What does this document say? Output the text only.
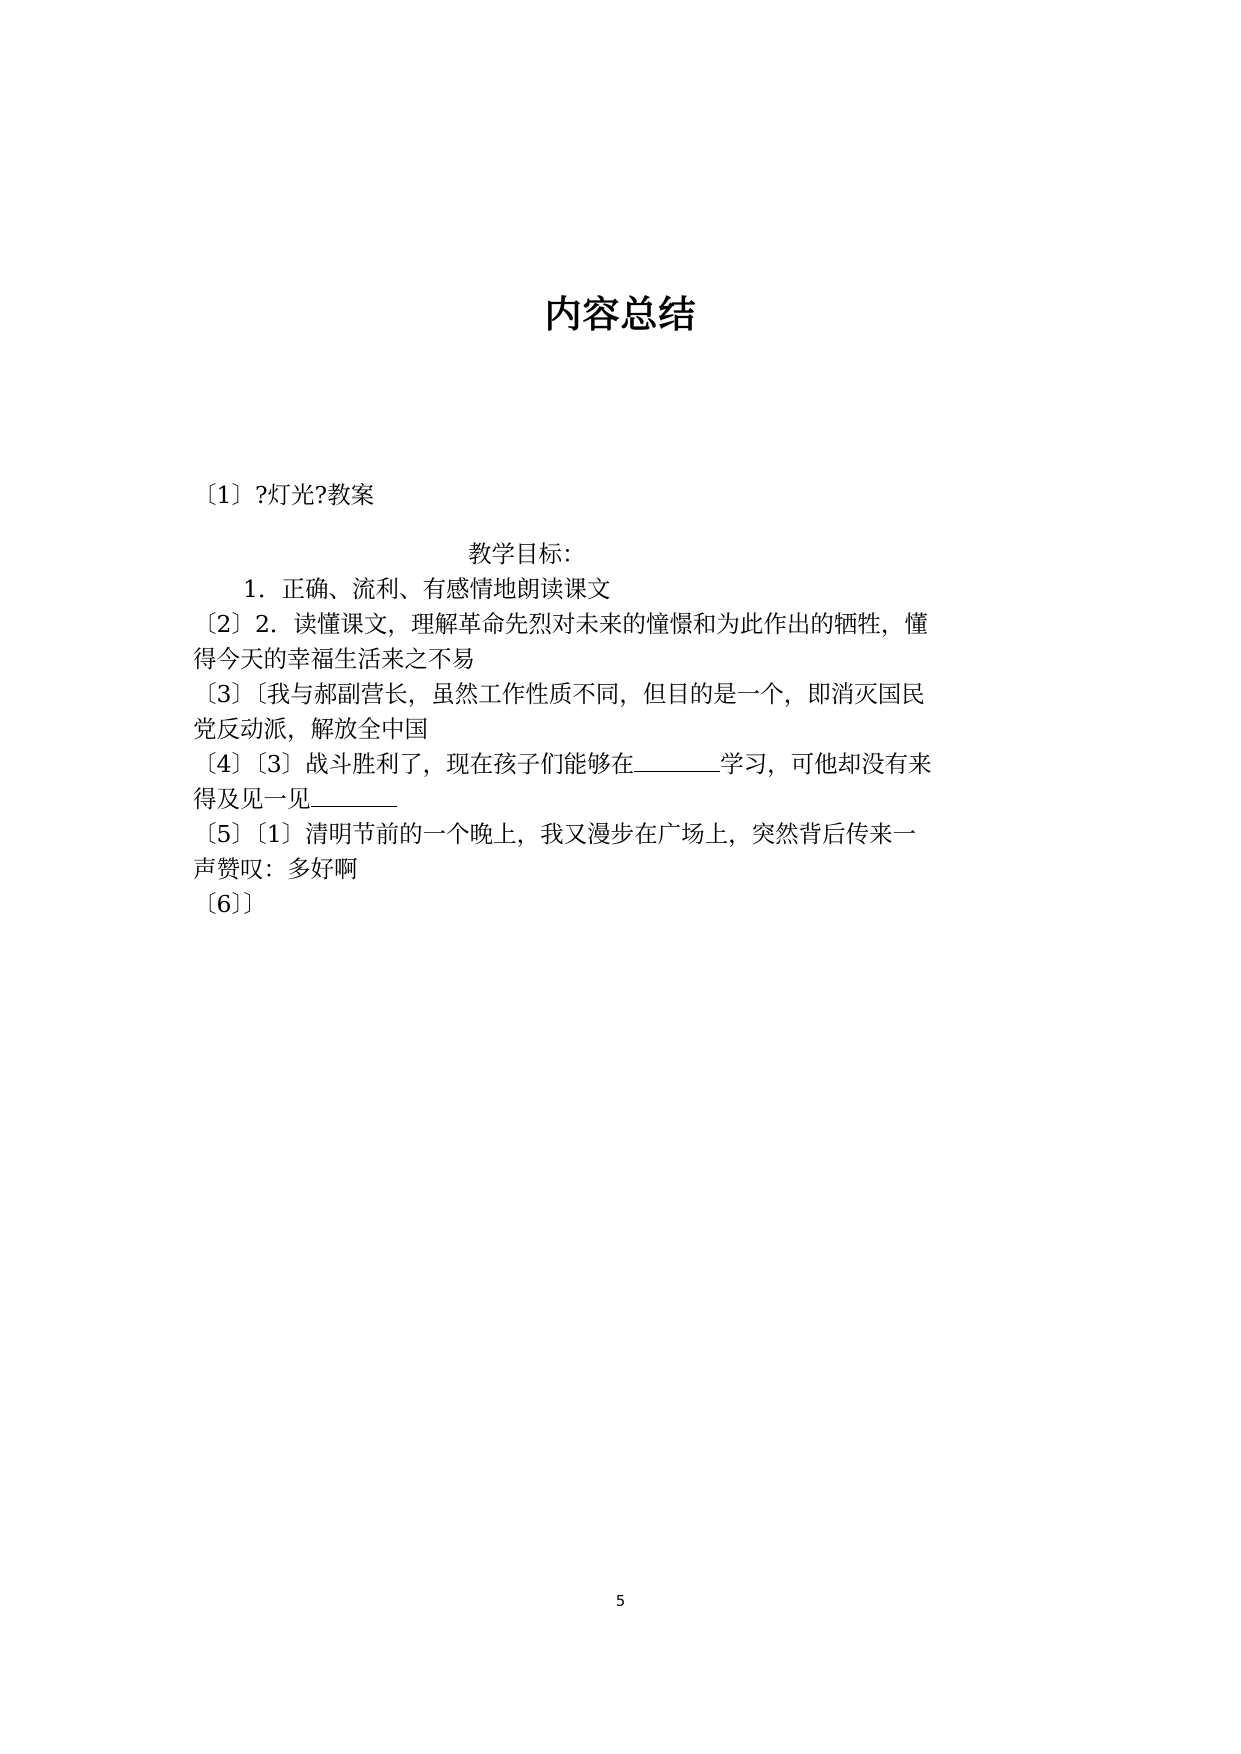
内容总结

〔1〕?灯光?教案

教学目标：

1．正确、流利、有感情地朗读课文

〔2〕2．读懂课文，理解革命先烈对未来的憧憬和为此作出的牺牲，懂

得今天的幸福生活来之不易

〔3〕〔我与郝副营长，虽然工作性质不同，但目的是一个，即消灭国民

党反动派，解放全中国

〔4〕〔3〕战斗胜利了，现在孩子们能够在	学习，可他却没有来

得及见一见

〔5〕〔1〕清明节前的一个晚上，我又漫步在广场上，突然背后传来一

声赞叹：多好啊

〔6〕〕

5
